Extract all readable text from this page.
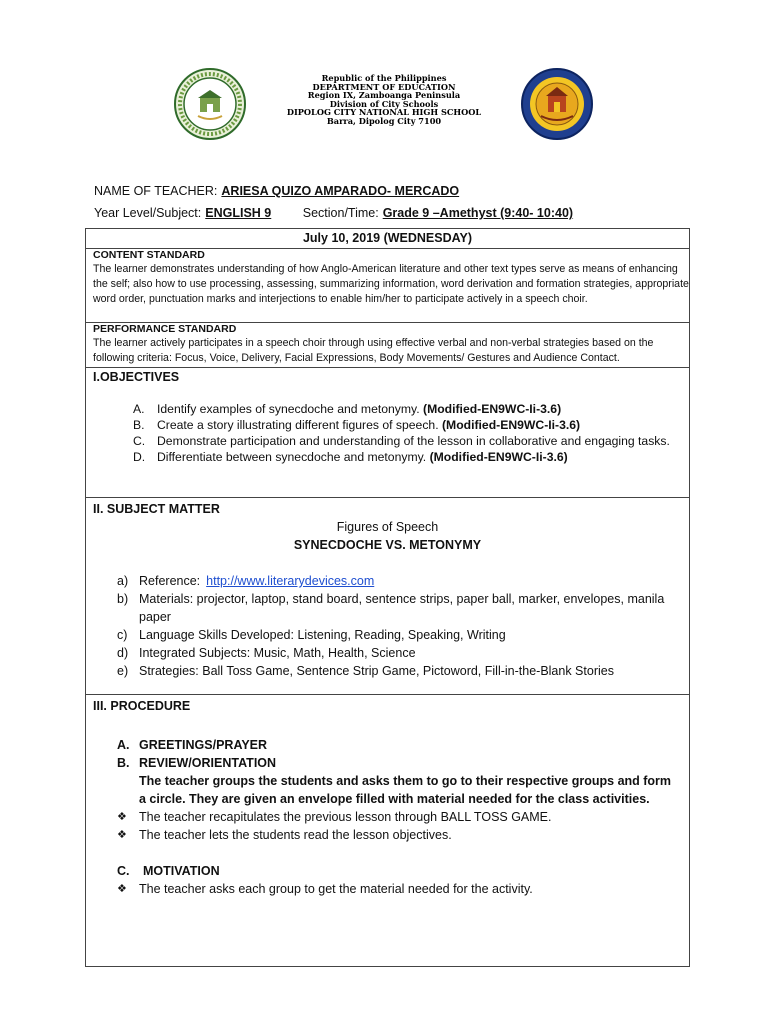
Republic of the Philippines
DEPARTMENT OF EDUCATION
Region IX, Zamboanga Peninsula
Division of City Schools
DIPOLOG CITY NATIONAL HIGH SCHOOL
Barra, Dipolog City 7100
NAME OF TEACHER: ARIESA QUIZO AMPARADO- MERCADO
Year Level/Subject: ENGLISH 9	Section/Time: Grade 9 –Amethyst (9:40- 10:40)
July 10, 2019 (WEDNESDAY)
CONTENT STANDARD
The learner demonstrates understanding of how Anglo-American literature and other text types serve as means of enhancing the self; also how to use processing, assessing, summarizing information, word derivation and formation strategies, appropriate word order, punctuation marks and interjections to enable him/her to participate actively in a speech choir.
PERFORMANCE STANDARD
The learner actively participates in a speech choir through using effective verbal and non-verbal strategies based on the following criteria: Focus, Voice, Delivery, Facial Expressions, Body Movements/ Gestures and Audience Contact.
I.OBJECTIVES
A.	Identify examples of synecdoche and metonymy. (Modified-EN9WC-Ii-3.6)
B.	Create a story illustrating different figures of speech. (Modified-EN9WC-Ii-3.6)
C. Demonstrate participation and understanding of the lesson in collaborative and engaging tasks.
D. Differentiate between synecdoche and metonymy. (Modified-EN9WC-Ii-3.6)
II. SUBJECT MATTER
Figures of Speech
SYNECDOCHE VS. METONYMY
a) Reference: http://www.literarydevices.com
b) Materials: projector, laptop, stand board, sentence strips, paper ball, marker, envelopes, manila paper
c) Language Skills Developed: Listening, Reading, Speaking, Writing
d) Integrated Subjects: Music, Math, Health, Science
e) Strategies: Ball Toss Game, Sentence Strip Game, Pictoword, Fill-in-the-Blank Stories
III. PROCEDURE
A. GREETINGS/PRAYER
B. REVIEW/ORIENTATION
The teacher groups the students and asks them to go to their respective groups and form a circle. They are given an envelope filled with material needed for the class activities.
❖ The teacher recapitulates the previous lesson through BALL TOSS GAME.
❖ The teacher lets the students read the lesson objectives.
C.	MOTIVATION
❖ The teacher asks each group to get the material needed for the activity.
